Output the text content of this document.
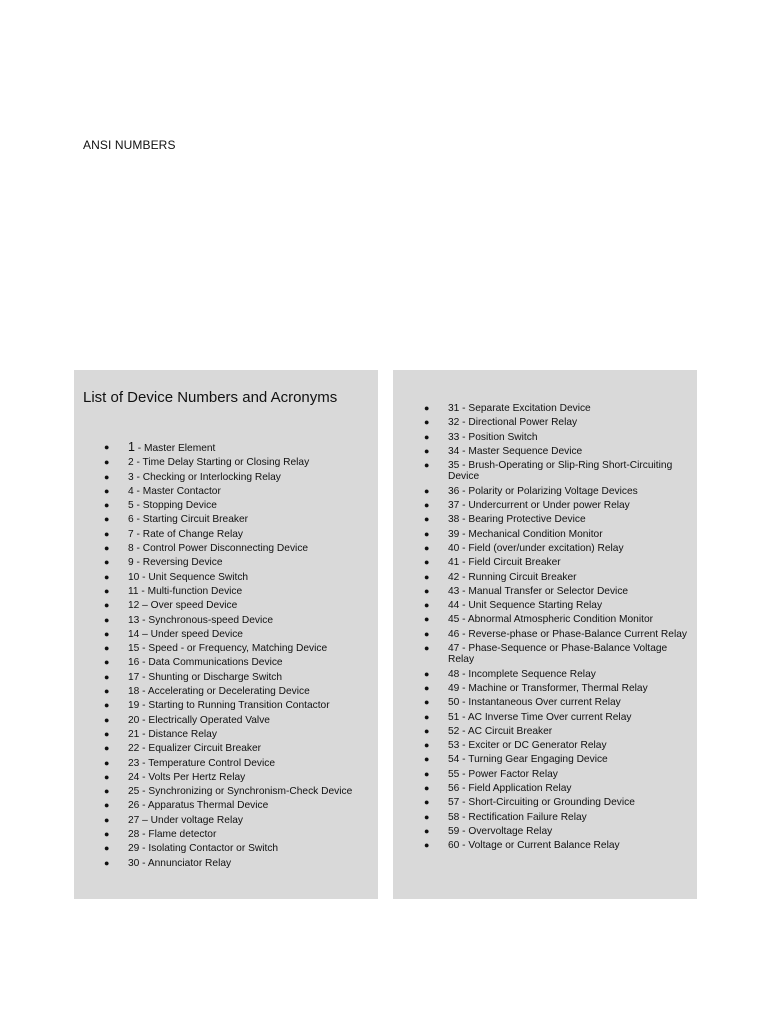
ANSI NUMBERS
List of Device Numbers and Acronyms
● 1 - Master Element
● 2 - Time Delay Starting or Closing Relay
● 3 - Checking or Interlocking Relay
● 4 - Master Contactor
● 5 - Stopping Device
● 6 - Starting Circuit Breaker
● 7 - Rate of Change Relay
● 8 - Control Power Disconnecting Device
● 9 - Reversing Device
● 10 - Unit Sequence Switch
● 11 - Multi-function Device
● 12 – Over speed Device
● 13 - Synchronous-speed Device
● 14 – Under speed Device
● 15 - Speed - or Frequency, Matching Device
● 16 - Data Communications Device
● 17 - Shunting or Discharge Switch
● 18 - Accelerating or Decelerating Device
● 19 - Starting to Running Transition Contactor
● 20 - Electrically Operated Valve
● 21 - Distance Relay
● 22 - Equalizer Circuit Breaker
● 23 - Temperature Control Device
● 24 - Volts Per Hertz Relay
● 25 - Synchronizing or Synchronism-Check Device
● 26 - Apparatus Thermal Device
● 27 – Under voltage Relay
● 28 - Flame detector
● 29 - Isolating Contactor or Switch
● 30 - Annunciator Relay
● 31 - Separate Excitation Device
● 32 - Directional Power Relay
● 33 - Position Switch
● 34 - Master Sequence Device
● 35 - Brush-Operating or Slip-Ring Short-Circuiting Device
● 36 - Polarity or Polarizing Voltage Devices
● 37 - Undercurrent or Under power Relay
● 38 - Bearing Protective Device
● 39 - Mechanical Condition Monitor
● 40 - Field (over/under excitation) Relay
● 41 - Field Circuit Breaker
● 42 - Running Circuit Breaker
● 43 - Manual Transfer or Selector Device
● 44 - Unit Sequence Starting Relay
● 45 - Abnormal Atmospheric Condition Monitor
● 46 - Reverse-phase or Phase-Balance Current Relay
● 47 - Phase-Sequence or Phase-Balance Voltage Relay
● 48 - Incomplete Sequence Relay
● 49 - Machine or Transformer, Thermal Relay
● 50 - Instantaneous Over current Relay
● 51 - AC Inverse Time Over current Relay
● 52 - AC Circuit Breaker
● 53 - Exciter or DC Generator Relay
● 54 - Turning Gear Engaging Device
● 55 - Power Factor Relay
● 56 - Field Application Relay
● 57 - Short-Circuiting or Grounding Device
● 58 - Rectification Failure Relay
● 59 - Overvoltage Relay
● 60 - Voltage or Current Balance Relay
